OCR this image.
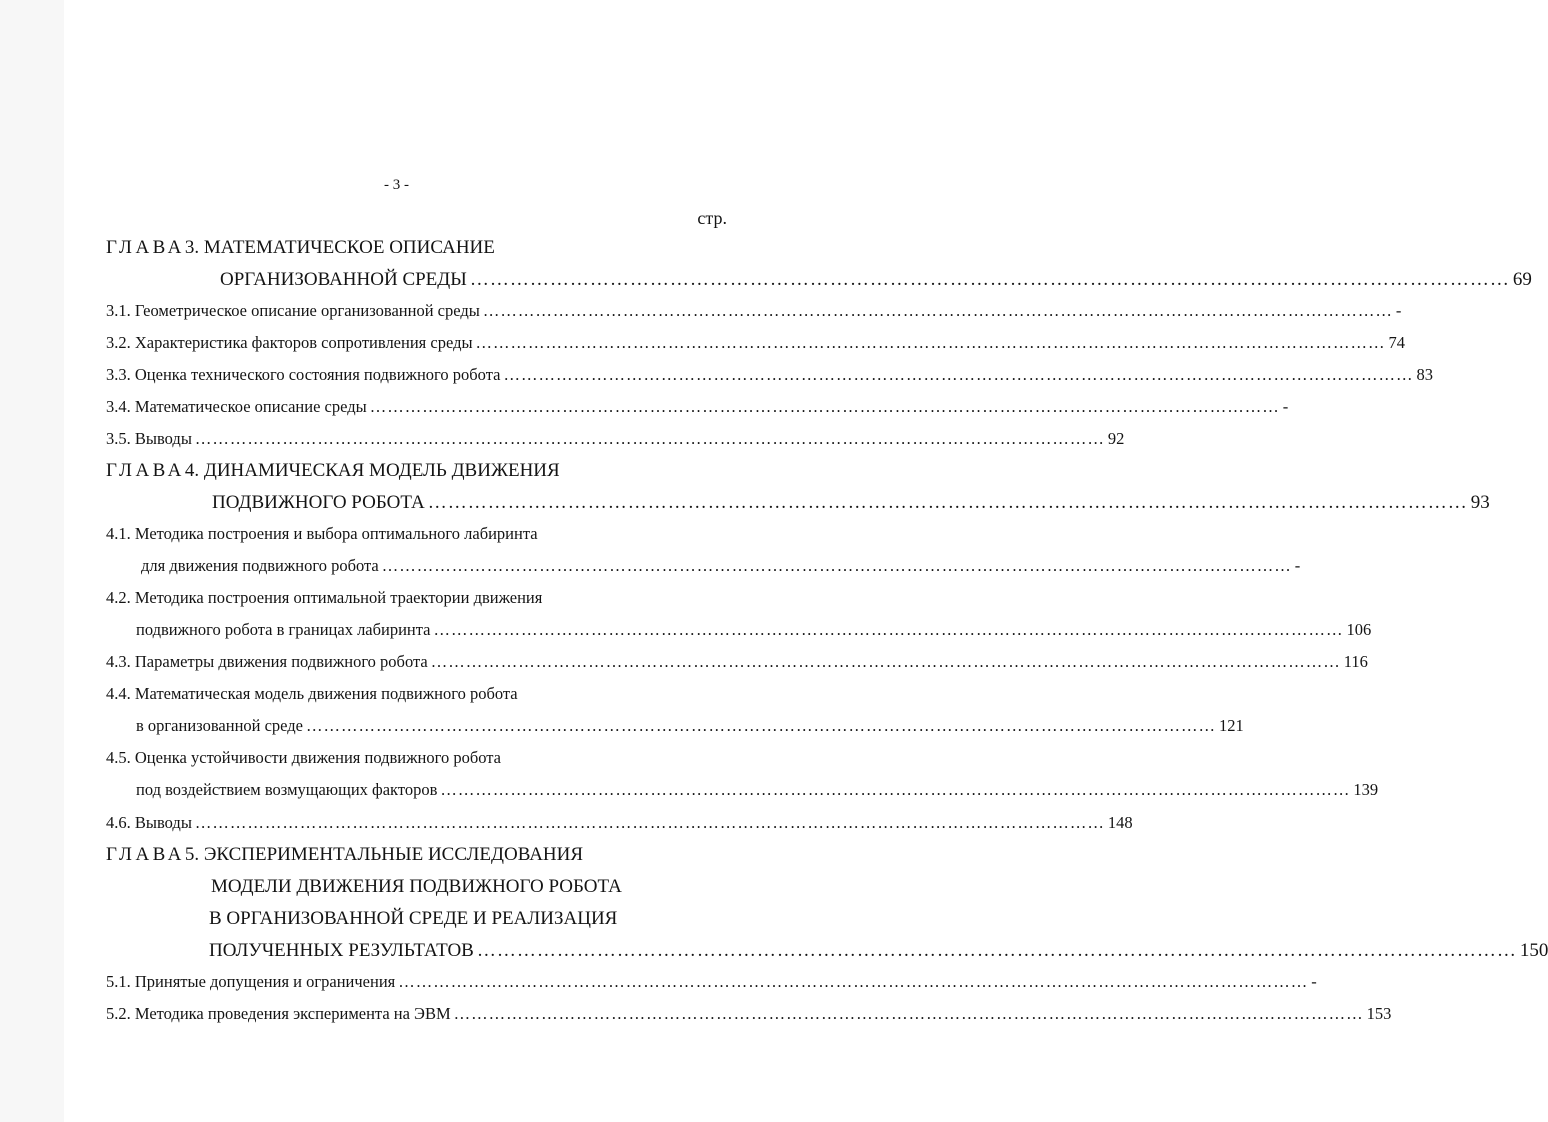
- 3 -
стр.
ГЛАВА 3. МАТЕМАТИЧЕСКОЕ ОПИСАНИЕ
ОРГАНИЗОВАННОЙ СРЕДЫ ………………………………………………………………………………………………………………………………………… 69
3.1. Геометрическое описание организованной среды ………………………………………………………………………………………………………………………………………… -
3.2. Характеристика факторов сопротивления среды ………………………………………………………………………………………………………………………………………… 74
3.3. Оценка технического состояния подвижного робота ………………………………………………………………………………………………………………………………………… 83
3.4. Математическое описание среды ………………………………………………………………………………………………………………………………………… -
3.5. Выводы ………………………………………………………………………………………………………………………………………… 92
ГЛАВА 4. ДИНАМИЧЕСКАЯ МОДЕЛЬ ДВИЖЕНИЯ
ПОДВИЖНОГО РОБОТА ………………………………………………………………………………………………………………………………………… 93
4.1. Методика построения и выбора оптимального лабиринта
для движения подвижного робота ………………………………………………………………………………………………………………………………………… -
4.2. Методика построения оптимальной траектории движения
подвижного робота в границах лабиринта ………………………………………………………………………………………………………………………………………… 106
4.3. Параметры движения подвижного робота ………………………………………………………………………………………………………………………………………… 116
4.4. Математическая модель движения подвижного робота
в организованной среде ………………………………………………………………………………………………………………………………………… 121
4.5. Оценка устойчивости движения подвижного робота
под воздействием возмущающих факторов ………………………………………………………………………………………………………………………………………… 139
4.6. Выводы ………………………………………………………………………………………………………………………………………… 148
ГЛАВА 5. ЭКСПЕРИМЕНТАЛЬНЫЕ ИССЛЕДОВАНИЯ
МОДЕЛИ ДВИЖЕНИЯ ПОДВИЖНОГО РОБОТА
В ОРГАНИЗОВАННОЙ СРЕДЕ И РЕАЛИЗАЦИЯ
ПОЛУЧЕННЫХ РЕЗУЛЬТАТОВ ………………………………………………………………………………………………………………………………………… 150
5.1. Принятые допущения и ограничения ………………………………………………………………………………………………………………………………………… -
5.2. Методика проведения эксперимента на ЭВМ ………………………………………………………………………………………………………………………………………… 153
